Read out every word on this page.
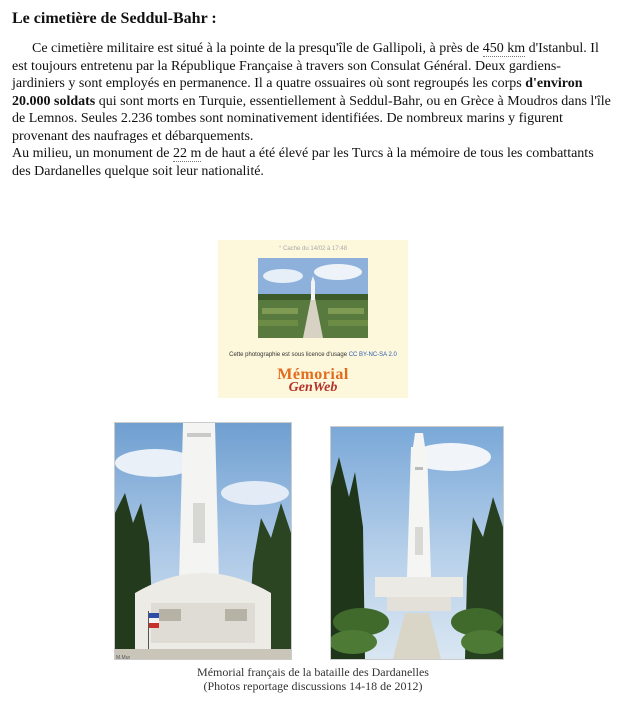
Le cimetière de Seddul-Bahr :

Ce cimetière militaire est situé à la pointe de la presqu'île de Gallipoli, à près de 450 km d'Istanbul. Il est toujours entretenu par la République Française à travers son Consulat Général. Deux gardiens-jardiniers y sont employés en permanence. Il a quatre ossuaires où sont regroupés les corps d'environ 20.000 soldats qui sont morts en Turquie, essentiellement à Seddul-Bahr, ou en Grèce à Moudros dans l'île de Lemnos. Seules 2.236 tombes sont nominativement identifiées. De nombreux marins y figurent provenant des naufrages et débarquements.

Au milieu, un monument de 22 m de haut a été élevé par les Turcs à la mémoire de tous les combattants des Dardanelles quelque soit leur nationalité.

° Cache du 14/02 à 17:48
Cette photographie est sous licence d'usage CC BY-NC-SA 2.0
Mémorial
GenWeb
M.Mur

Mémorial français de la bataille des Dardanelles

(Photos reportage discussions 14-18 de 2012)
